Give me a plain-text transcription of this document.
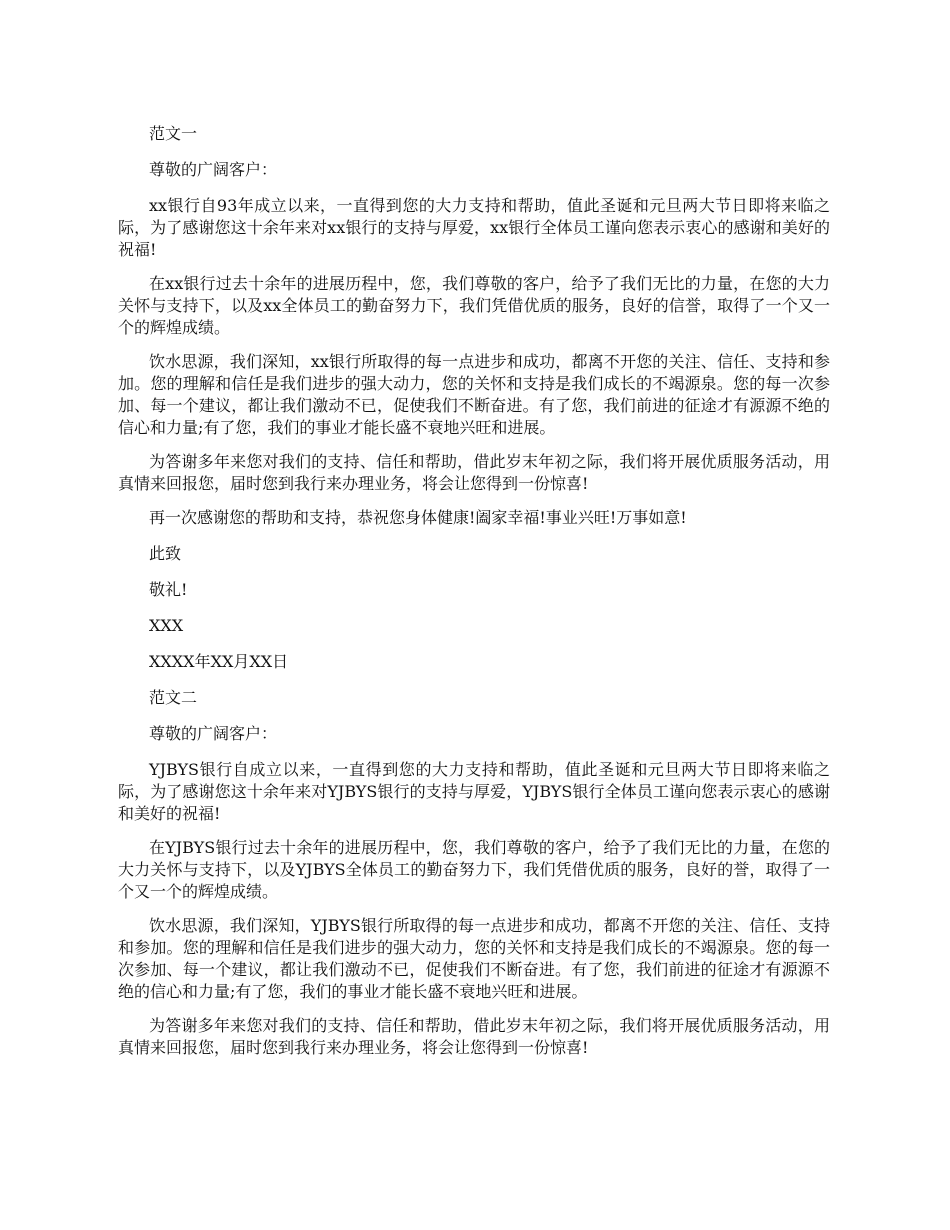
范文一

尊敬的广阔客户：

xx银行自93年成立以来，一直得到您的大力支持和帮助，值此圣诞和元旦两大节日即将来临之际，为了感谢您这十余年来对xx银行的支持与厚爱，xx银行全体员工谨向您表示衷心的感谢和美好的祝福!

在xx银行过去十余年的进展历程中，您，我们尊敬的客户，给予了我们无比的力量，在您的大力关怀与支持下，以及xx全体员工的勤奋努力下，我们凭借优质的服务，良好的信誉，取得了一个又一个的辉煌成绩。

饮水思源，我们深知，xx银行所取得的每一点进步和成功，都离不开您的关注、信任、支持和参加。您的理解和信任是我们进步的强大动力，您的关怀和支持是我们成长的不竭源泉。您的每一次参加、每一个建议，都让我们激动不已，促使我们不断奋进。有了您，我们前进的征途才有源源不绝的信心和力量;有了您，我们的事业才能长盛不衰地兴旺和进展。

为答谢多年来您对我们的支持、信任和帮助，借此岁末年初之际，我们将开展优质服务活动，用真情来回报您，届时您到我行来办理业务，将会让您得到一份惊喜!

再一次感谢您的帮助和支持，恭祝您身体健康!阖家幸福!事业兴旺!万事如意!

此致

敬礼!

XXX

XXXX年XX月XX日

范文二

尊敬的广阔客户：

YJBYS银行自成立以来，一直得到您的大力支持和帮助，值此圣诞和元旦两大节日即将来临之际，为了感谢您这十余年来对YJBYS银行的支持与厚爱，YJBYS银行全体员工谨向您表示衷心的感谢和美好的祝福!

在YJBYS银行过去十余年的进展历程中，您，我们尊敬的客户，给予了我们无比的力量，在您的大力关怀与支持下，以及YJBYS全体员工的勤奋努力下，我们凭借优质的服务，良好的誉，取得了一个又一个的辉煌成绩。

饮水思源，我们深知，YJBYS银行所取得的每一点进步和成功，都离不开您的关注、信任、支持和参加。您的理解和信任是我们进步的强大动力，您的关怀和支持是我们成长的不竭源泉。您的每一次参加、每一个建议，都让我们激动不已，促使我们不断奋进。有了您，我们前进的征途才有源源不绝的信心和力量;有了您，我们的事业才能长盛不衰地兴旺和进展。

为答谢多年来您对我们的支持、信任和帮助，借此岁末年初之际，我们将开展优质服务活动，用真情来回报您，届时您到我行来办理业务，将会让您得到一份惊喜!
